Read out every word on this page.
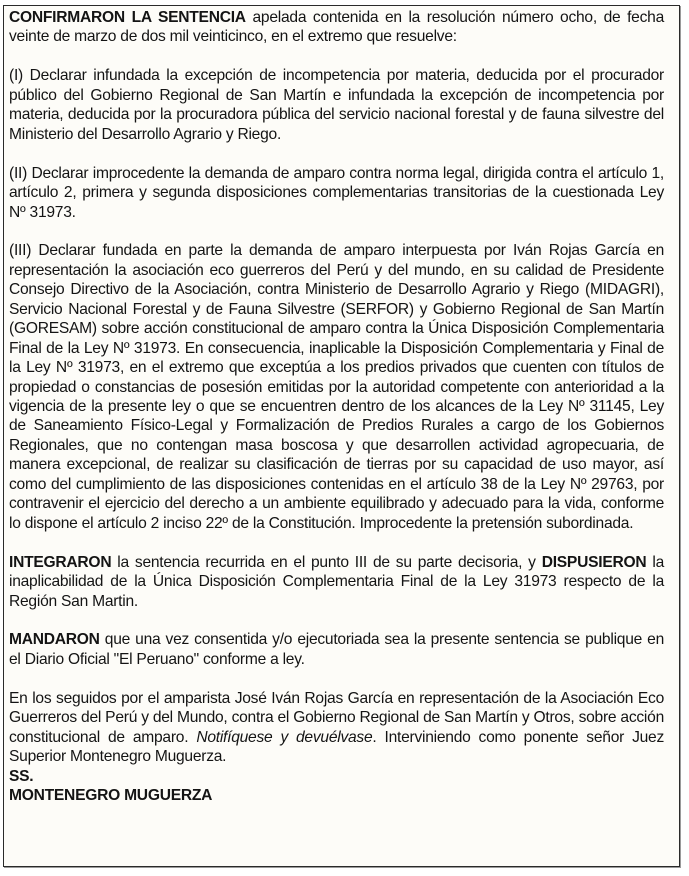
CONFIRMARON LA SENTENCIA apelada contenida en la resolución número ocho, de fecha veinte de marzo de dos mil veinticinco, en el extremo que resuelve:

(I) Declarar infundada la excepción de incompetencia por materia, deducida por el procurador público del Gobierno Regional de San Martín e infundada la excepción de incompetencia por materia, deducida por la procuradora pública del servicio nacional forestal y de fauna silvestre del Ministerio del Desarrollo Agrario y Riego.

(II) Declarar improcedente la demanda de amparo contra norma legal, dirigida contra el artículo 1, artículo 2, primera y segunda disposiciones complementarias transitorias de la cuestionada Ley Nº 31973.

(III) Declarar fundada en parte la demanda de amparo interpuesta por Iván Rojas García en representación la asociación eco guerreros del Perú y del mundo, en su calidad de Presidente Consejo Directivo de la Asociación, contra Ministerio de Desarrollo Agrario y Riego (MIDAGRI), Servicio Nacional Forestal y de Fauna Silvestre (SERFOR) y Gobierno Regional de San Martín (GORESAM) sobre acción constitucional de amparo contra la Única Disposición Complementaria Final de la Ley Nº 31973. En consecuencia, inaplicable la Disposición Complementaria y Final de la Ley Nº 31973, en el extremo que exceptúa a los predios privados que cuenten con títulos de propiedad o constancias de posesión emitidas por la autoridad competente con anterioridad a la vigencia de la presente ley o que se encuentren dentro de los alcances de la Ley Nº 31145, Ley de Saneamiento Físico-Legal y Formalización de Predios Rurales a cargo de los Gobiernos Regionales, que no contengan masa boscosa y que desarrollen actividad agropecuaria, de manera excepcional, de realizar su clasificación de tierras por su capacidad de uso mayor, así como del cumplimiento de las disposiciones contenidas en el artículo 38 de la Ley Nº 29763, por contravenir el ejercicio del derecho a un ambiente equilibrado y adecuado para la vida, conforme lo dispone el artículo 2 inciso 22º de la Constitución. Improcedente la pretensión subordinada.

INTEGRARON la sentencia recurrida en el punto III de su parte decisoria, y DISPUSIERON la inaplicabilidad de la Única Disposición Complementaria Final de la Ley 31973 respecto de la Región San Martin.

MANDARON que una vez consentida y/o ejecutoriada sea la presente sentencia se publique en el Diario Oficial "El Peruano" conforme a ley.

En los seguidos por el amparista José Iván Rojas García en representación de la Asociación Eco Guerreros del Perú y del Mundo, contra el Gobierno Regional de San Martín y Otros, sobre acción constitucional de amparo. Notifíquese y devuélvase. Interviniendo como ponente señor Juez Superior Montenegro Muguerza.

SS.

MONTENEGRO MUGUERZA
